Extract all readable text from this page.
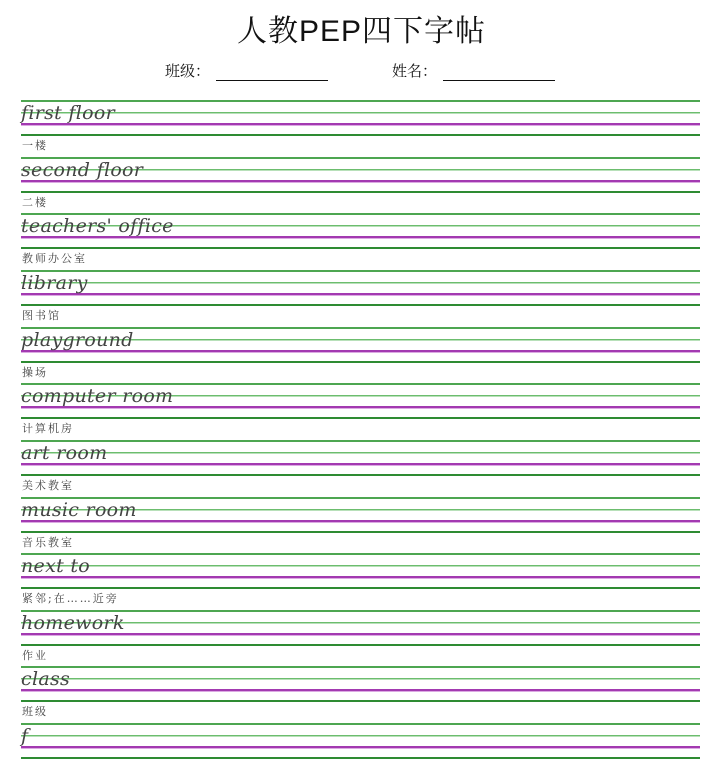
人教PEP四下字帖
班级：	姓名：
first floor
一楼
second floor
二楼
teachers' office
教师办公室
library
图书馆
playground
操场
computer room
计算机房
art room
美术教室
music room
音乐教室
next to
紧邻;在……近旁
homework
作业
class
班级
f
